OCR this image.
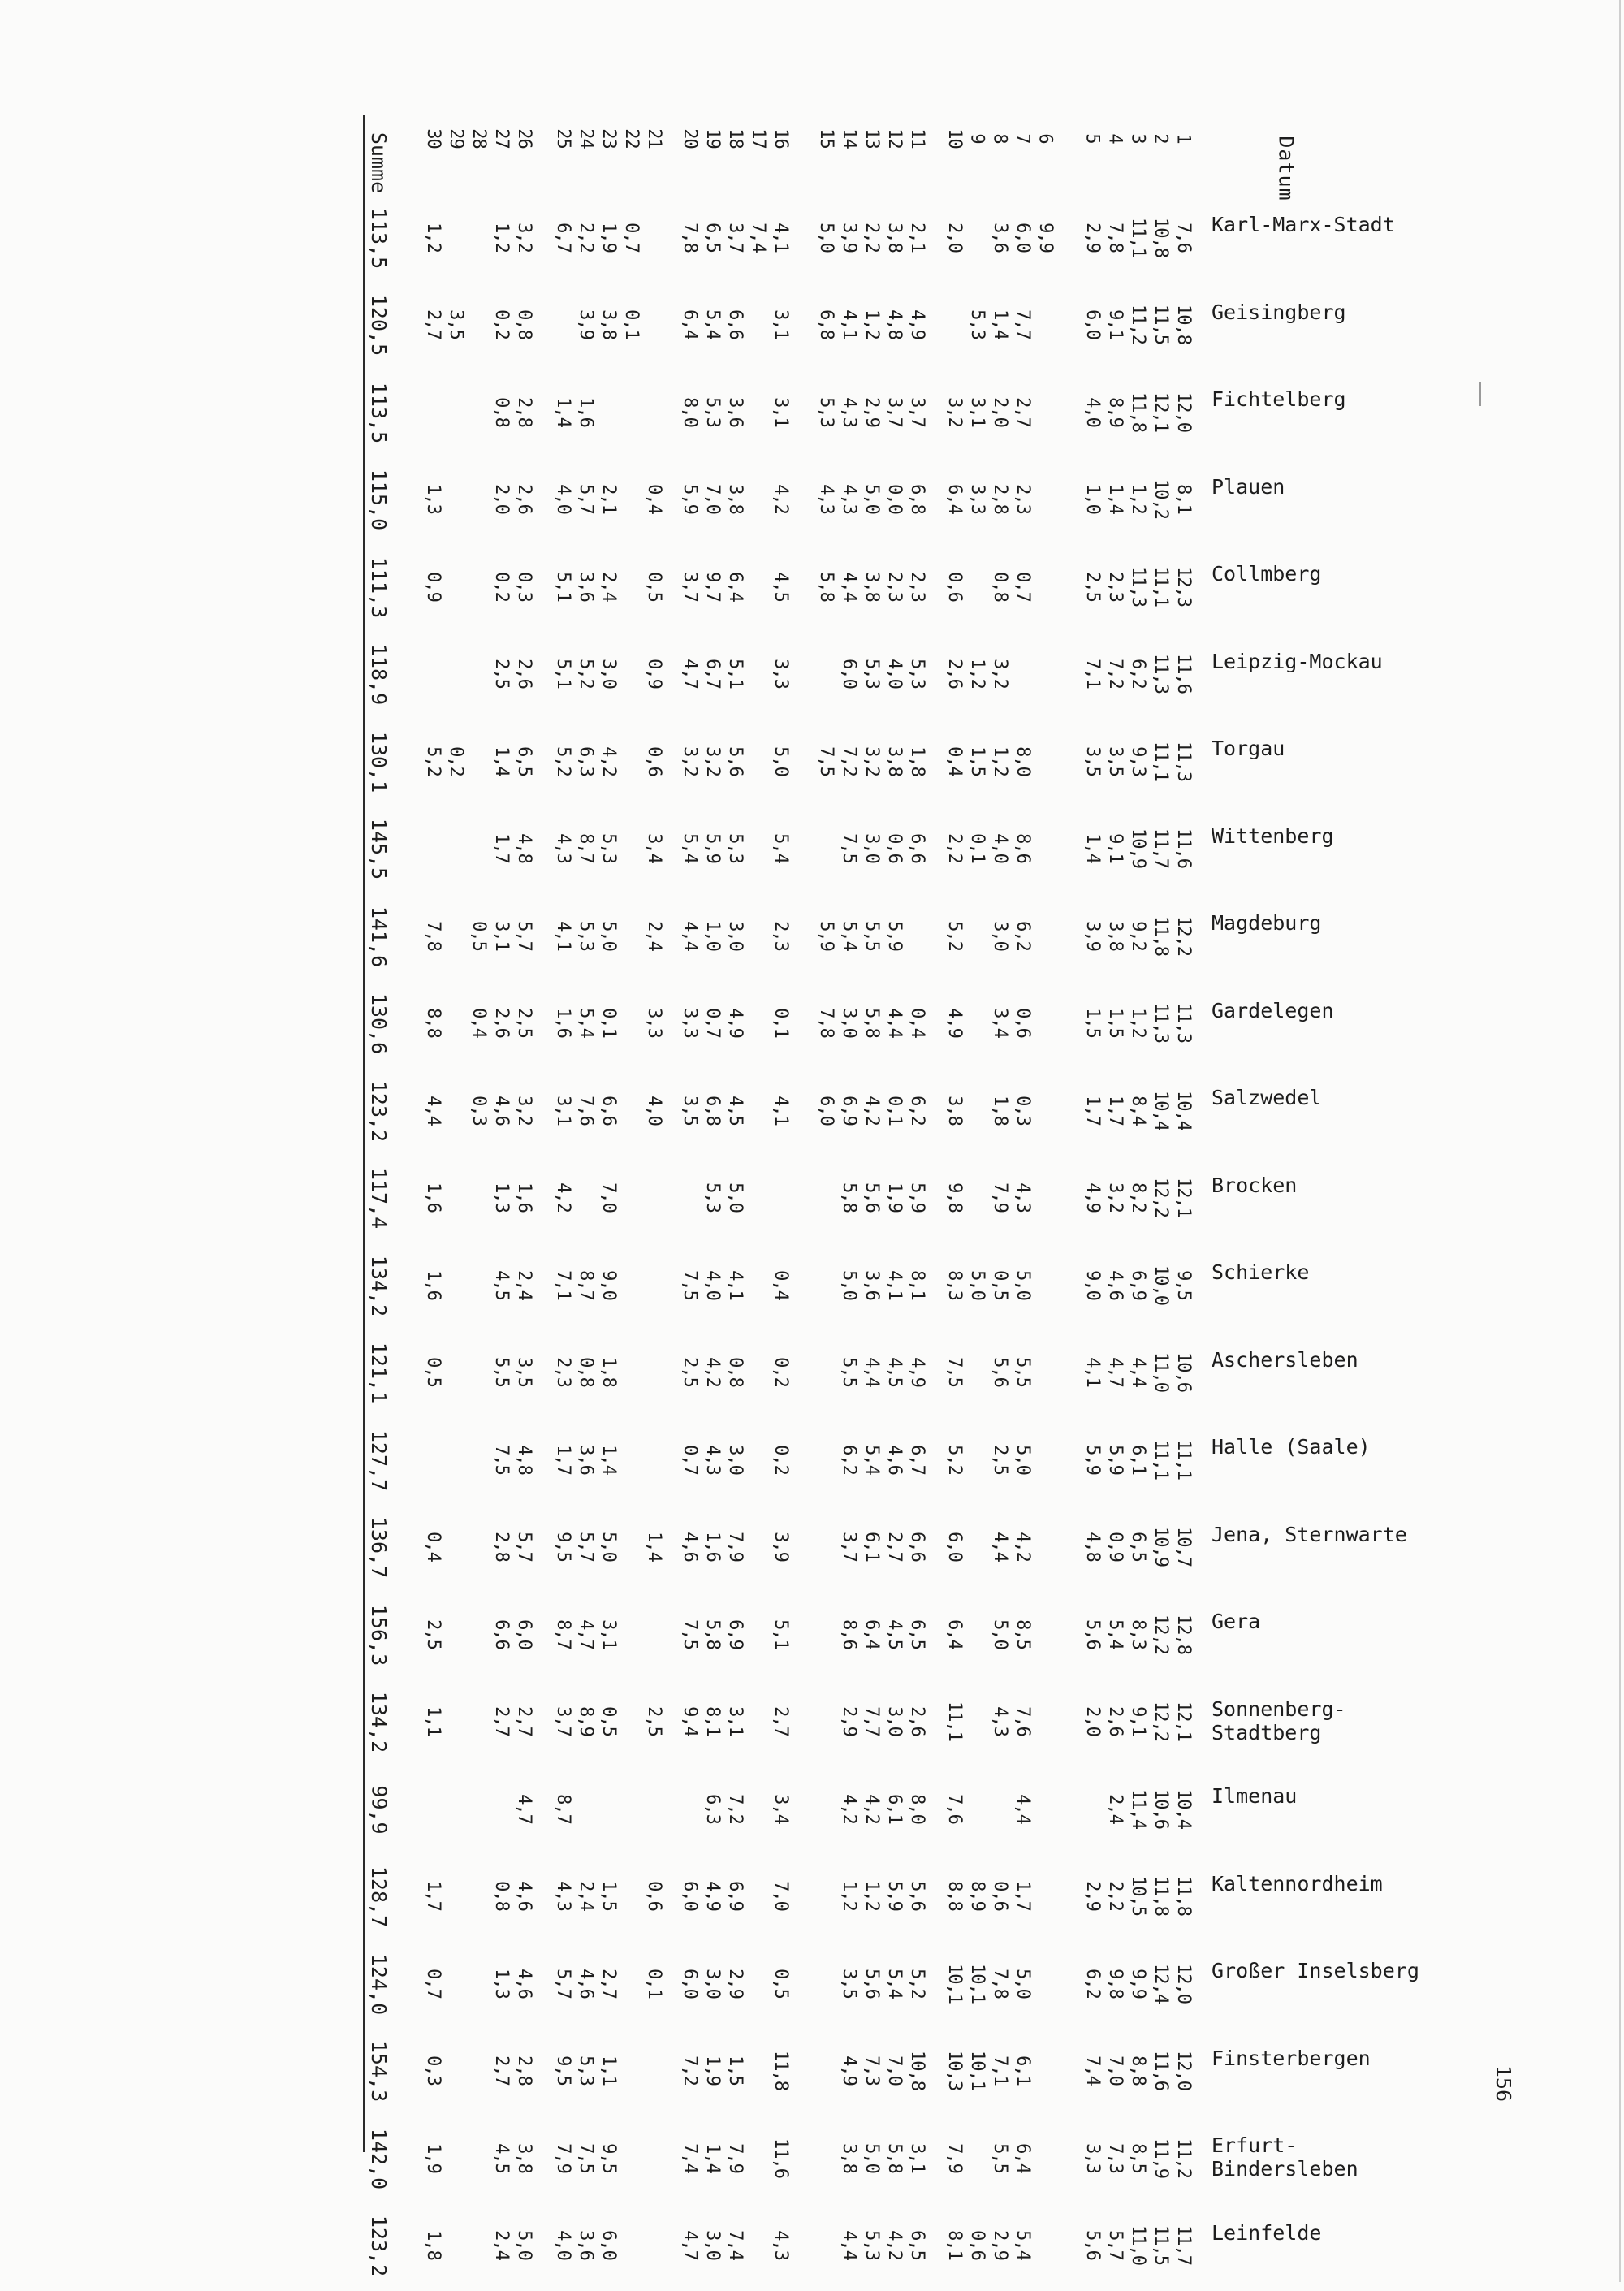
Datum
Summe
Karl-Marx-Stadt
7,6
10,8
11,1
7,8
2,9
9,9
6,0
3,6
2,0
2,1
3,8
2,2
3,9
5,0
4,1
7,4
3,7
6,5
7,8
0,7
1,9
2,2
6,7
3,2
1,2
1,2
113,5
Geisingberg
10,8
11,5
11,2
9,1
6,0
7,7
1,4
5,3
4,9
4,8
1,2
4,1
6,8
3,1
6,6
5,4
6,4
0,1
3,8
3,9
0,8
0,2
3,5
2,7
120,5
Fichtelberg
12,0
12,1
11,8
8,9
4,0
2,7
2,0
3,1
3,2
3,7
3,7
2,9
4,3
5,3
3,1
3,6
5,3
8,0
1,6
1,4
2,8
0,8
113,5
Plauen
8,1
10,2
1,2
1,4
1,0
2,3
2,8
3,3
6,4
6,8
0,0
5,0
4,3
4,3
4,2
3,8
7,0
5,9
0,4
2,1
5,7
4,0
2,6
2,0
1,3
115,0
Collmberg
12,3
11,1
11,3
2,3
2,5
0,7
0,8
0,6
2,3
2,3
3,8
4,4
5,8
4,5
6,4
9,7
3,7
0,5
2,4
3,6
5,1
0,3
0,2
0,9
111,3
Leipzig-Mockau
11,6
11,3
6,2
7,2
7,1
3,2
1,2
2,6
5,3
4,0
5,3
6,0
3,3
5,1
6,7
4,7
0,9
3,0
5,2
5,1
2,6
2,5
118,9
Torgau
11,3
11,1
9,3
3,5
3,5
8,0
1,2
1,5
0,4
1,8
3,8
3,2
7,2
7,5
5,0
5,6
3,2
3,2
0,6
4,2
6,3
5,2
6,5
1,4
0,2
5,2
130,1
Wittenberg
11,6
11,7
10,9
9,1
1,4
8,6
4,0
0,1
2,2
6,6
0,6
3,0
7,5
5,4
5,3
5,9
5,4
3,4
5,3
8,7
4,3
4,8
1,7
145,5
Magdeburg
12,2
11,8
9,2
3,8
3,9
6,2
3,0
5,2
5,9
5,5
5,4
5,9
2,3
3,0
1,0
4,4
2,4
5,0
5,3
4,1
5,7
3,1
0,5
7,8
141,6
Gardelegen
11,3
11,3
1,2
1,5
1,5
0,6
3,4
4,9
0,4
4,4
5,8
3,0
7,8
0,1
4,9
0,7
3,3
3,3
0,1
5,4
1,6
2,5
2,6
0,4
8,8
130,6
Salzwedel
10,4
10,4
8,4
1,7
1,7
0,3
1,8
3,8
6,2
0,1
4,2
6,9
6,0
4,1
4,5
6,8
3,5
4,0
6,6
7,6
3,1
3,2
4,6
0,3
4,4
123,2
Brocken
12,1
12,2
8,2
3,2
4,9
4,3
7,9
9,8
5,9
1,9
5,6
5,8
5,0
5,3
7,0
4,2
1,6
1,3
1,6
117,4
Schierke
9,5
10,0
6,9
4,6
9,0
5,0
0,5
5,0
8,3
8,1
4,1
3,6
5,0
0,4
4,1
4,0
7,5
9,0
8,7
7,1
2,4
4,5
1,6
134,2
Aschersleben
10,6
11,0
4,4
4,7
4,1
5,5
5,6
7,5
4,9
4,5
4,4
5,5
0,2
0,8
4,2
2,5
1,8
0,8
2,3
3,5
5,5
0,5
121,1
Halle (Saale)
11,1
11,1
6,1
5,9
5,9
5,0
2,5
5,2
6,7
4,6
5,4
6,2
0,2
3,0
4,3
0,7
1,4
3,6
1,7
4,8
7,5
127,7
Jena, Sternwarte
10,7
10,9
6,5
0,9
4,8
4,2
4,4
6,0
6,6
2,7
6,1
3,7
3,9
7,9
1,6
4,6
1,4
5,0
5,7
9,5
5,7
2,8
0,4
136,7
Gera
12,8
12,2
8,3
5,4
5,6
8,5
5,0
6,4
6,5
4,5
6,4
8,6
5,1
6,9
5,8
7,5
3,1
4,7
8,7
6,0
6,6
2,5
156,3
Sonnenberg-
Stadtberg
12,1
12,2
9,1
2,6
2,0
7,6
4,3
11,1
2,6
3,0
7,7
2,9
2,7
3,1
8,1
9,4
2,5
0,5
8,9
3,7
2,7
2,7
1,1
134,2
Ilmenau
10,4
10,6
11,4
2,4
4,4
7,6
8,0
6,1
4,2
4,2
3,4
7,2
6,3
8,7
4,7
99,9
Kaltennordheim
11,8
11,8
10,5
2,2
2,9
1,7
0,6
8,9
8,8
5,6
5,9
1,2
1,2
7,0
6,9
4,9
6,0
0,6
1,5
2,4
4,3
4,6
0,8
1,7
128,7
Großer Inselsberg
12,0
12,4
9,9
9,8
6,2
5,0
7,8
10,1
10,1
5,2
5,4
5,6
3,5
0,5
2,9
3,0
6,0
0,1
2,7
4,6
5,7
4,6
1,3
0,7
124,0
Finsterbergen
12,0
11,6
8,8
7,0
7,4
6,1
7,1
10,1
10,3
10,8
7,0
7,3
4,9
11,8
1,5
1,9
7,2
1,1
5,3
9,5
2,8
2,7
0,3
154,3
Erfurt-
Bindersleben
11,2
11,9
8,5
7,3
3,3
6,4
5,5
7,9
3,1
5,8
5,0
3,8
11,6
7,9
1,4
7,4
9,5
7,5
7,9
3,8
4,5
1,9
142,0
Leinfelde
11,7
11,5
11,0
5,7
5,6
5,4
2,9
0,6
8,1
6,5
4,2
5,3
4,4
4,3
7,4
3,0
4,7
6,0
3,6
4,0
5,0
2,4
1,8
123,2
1
2
3
4
5
6
7
8
9
10
11
12
13
14
15
16
17
18
19
20
21
22
23
24
25
26
27
28
29
30
156
